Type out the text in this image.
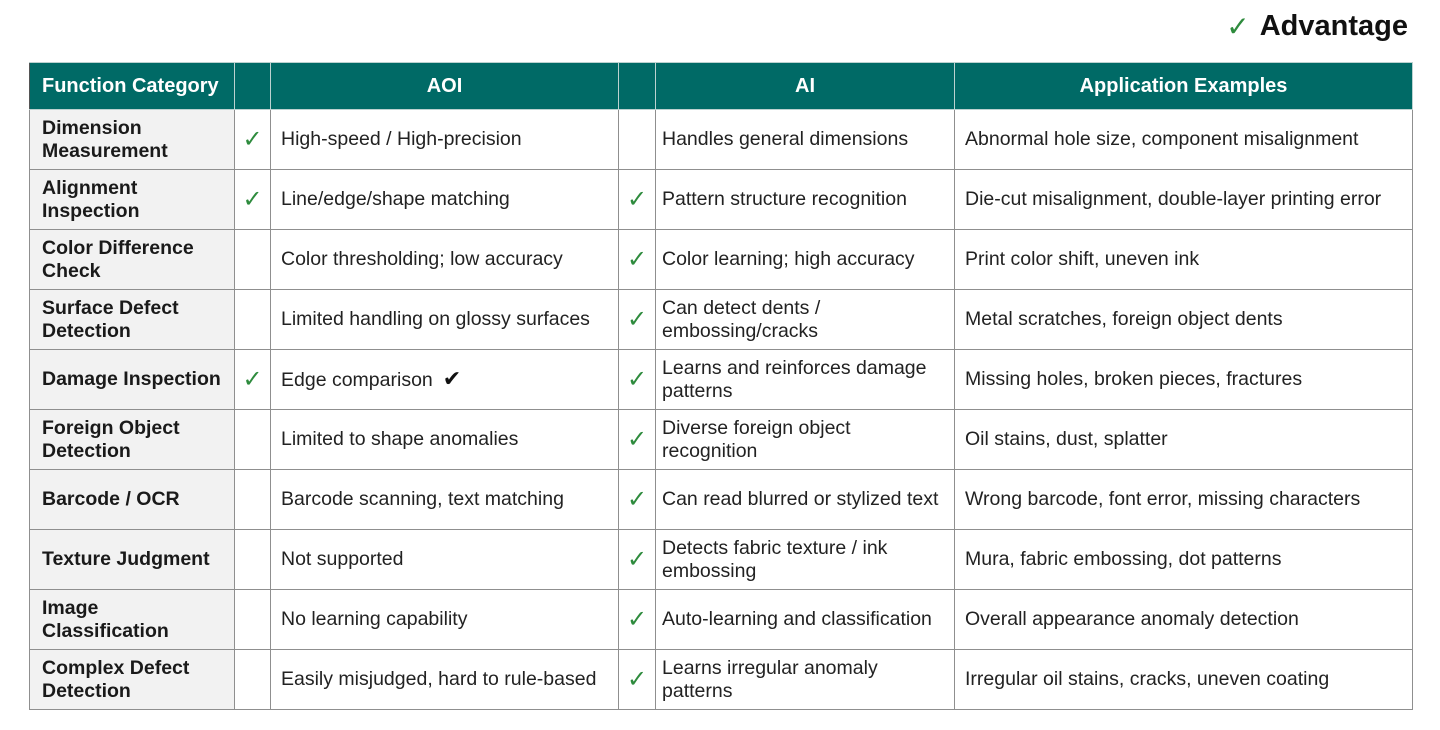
✓ Advantage
Function Category		AOI		AI	Application Examples
Dimension Measurement	✓	High-speed / High-precision		Handles general dimensions	Abnormal hole size, component misalignment
Alignment Inspection	✓	Line/edge/shape matching	✓	Pattern structure recognition	Die-cut misalignment, double-layer printing error
Color Difference Check		Color thresholding; low accuracy	✓	Color learning; high accuracy	Print color shift, uneven ink
Surface Defect Detection		Limited handling on glossy surfaces	✓	Can detect dents / embossing/cracks	Metal scratches, foreign object dents
Damage Inspection	✓	Edge comparison ✔	✓	Learns and reinforces damage patterns	Missing holes, broken pieces, fractures
Foreign Object Detection		Limited to shape anomalies	✓	Diverse foreign object recognition	Oil stains, dust, splatter
Barcode / OCR		Barcode scanning, text matching	✓	Can read blurred or stylized text	Wrong barcode, font error, missing characters
Texture Judgment		Not supported	✓	Detects fabric texture / ink embossing	Mura, fabric embossing, dot patterns
Image Classification		No learning capability	✓	Auto-learning and classification	Overall appearance anomaly detection
Complex Defect Detection		Easily misjudged, hard to rule-based	✓	Learns irregular anomaly patterns	Irregular oil stains, cracks, uneven coating
